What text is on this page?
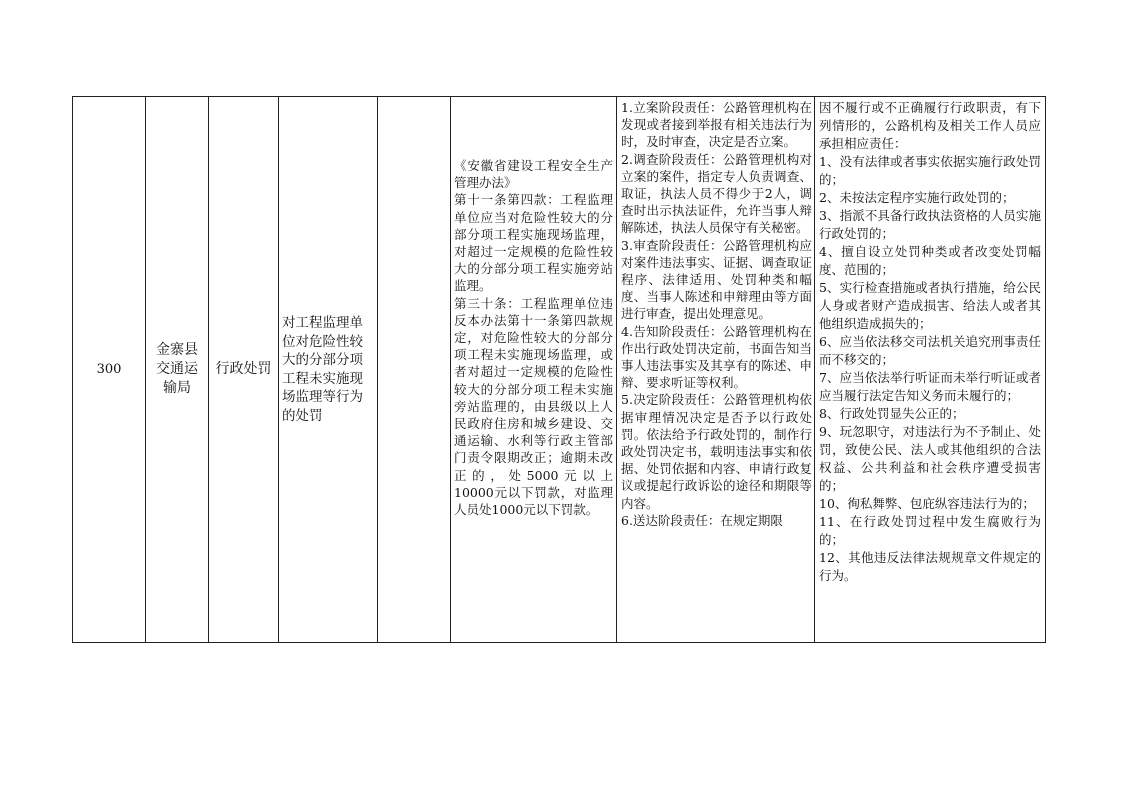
300
金寨县交通运输局
行政处罚
对工程监理单位对危险性较大的分部分项工程未实施现场监理等行为的处罚

《安徽省建设工程安全生产管理办法》

第十一条第四款：工程监理单位应当对危险性较大的分部分项工程实施现场监理，对超过一定规模的危险性较大的分部分项工程实施旁站监理。

第三十条：工程监理单位违反本办法第十一条第四款规定，对危险性较大的分部分项工程未实施现场监理，或者对超过一定规模的危险性较大的分部分项工程未实施旁站监理的，由县级以上人民政府住房和城乡建设、交通运输、水利等行政主管部门责令限期改正；逾期未改正的，处5000元以上10000元以下罚款，对监理人员处1000元以下罚款。

1.立案阶段责任：公路管理机构在发现或者接到举报有相关违法行为时，及时审查，决定是否立案。

2.调查阶段责任：公路管理机构对立案的案件，指定专人负责调查、取证，执法人员不得少于2人，调查时出示执法证件，允许当事人辩解陈述，执法人员保守有关秘密。

3.审查阶段责任：公路管理机构应对案件违法事实、证据、调查取证程序、法律适用、处罚种类和幅度、当事人陈述和申辩理由等方面进行审查，提出处理意见。

4.告知阶段责任：公路管理机构在作出行政处罚决定前，书面告知当事人违法事实及其享有的陈述、申辩、要求听证等权利。

5.决定阶段责任：公路管理机构依据审理情况决定是否予以行政处罚。依法给予行政处罚的，制作行政处罚决定书，载明违法事实和依据、处罚依据和内容、申请行政复议或提起行政诉讼的途径和期限等内容。

6.送达阶段责任：在规定期限

因不履行或不正确履行行政职责，有下列情形的，公路机构及相关工作人员应承担相应责任：

1、没有法律或者事实依据实施行政处罚的；

2、未按法定程序实施行政处罚的；

3、指派不具备行政执法资格的人员实施行政处罚的；

4、擅自设立处罚种类或者改变处罚幅度、范围的；

5、实行检查措施或者执行措施，给公民人身或者财产造成损害、给法人或者其他组织造成损失的；

6、应当依法移交司法机关追究刑事责任而不移交的；

7、应当依法举行听证而未举行听证或者应当履行法定告知义务而未履行的；

8、行政处罚显失公正的；

9、玩忽职守，对违法行为不予制止、处罚，致使公民、法人或其他组织的合法权益、公共利益和社会秩序遭受损害的；

10、徇私舞弊、包庇纵容违法行为的；

11、在行政处罚过程中发生腐败行为的；

12、其他违反法律法规规章文件规定的行为。
